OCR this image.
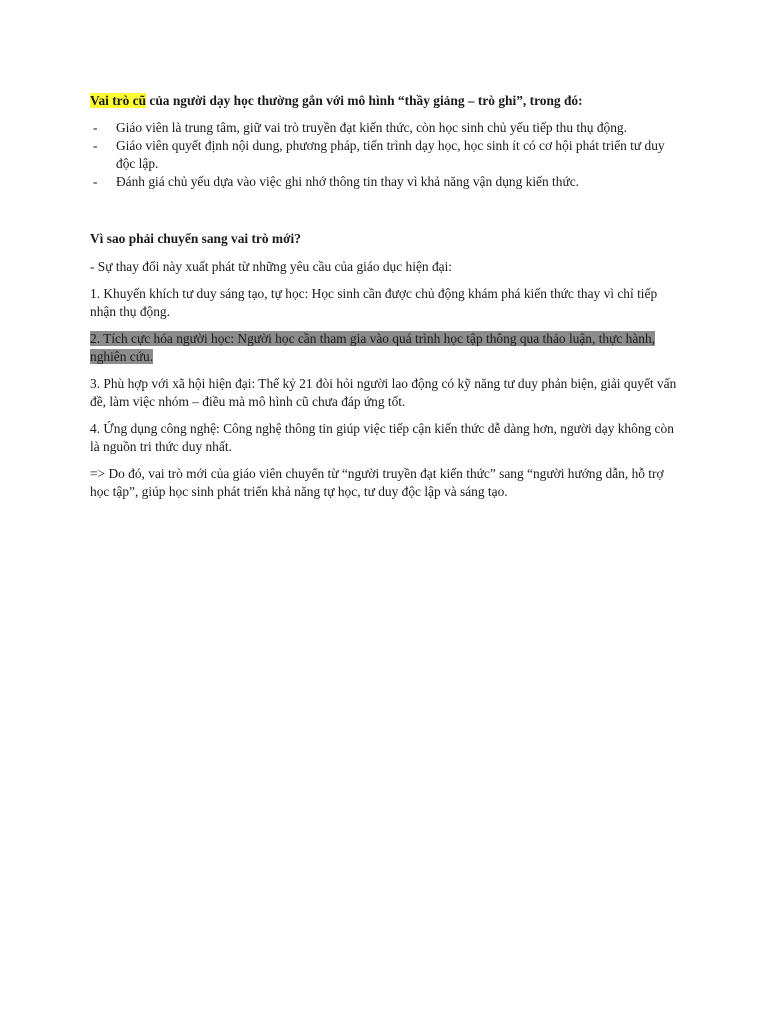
Vai trò cũ của người dạy học thường gắn với mô hình “thầy giảng – trò ghi”, trong đó:

- Giáo viên là trung tâm, giữ vai trò truyền đạt kiến thức, còn học sinh chủ yếu tiếp thu thụ động.
- Giáo viên quyết định nội dung, phương pháp, tiến trình dạy học, học sinh ít có cơ hội phát triển tư duy độc lập.
- Đánh giá chủ yếu dựa vào việc ghi nhớ thông tin thay vì khả năng vận dụng kiến thức.

Vì sao phải chuyển sang vai trò mới?

- Sự thay đổi này xuất phát từ những yêu cầu của giáo dục hiện đại:

1. Khuyến khích tư duy sáng tạo, tự học: Học sinh cần được chủ động khám phá kiến thức thay vì chỉ tiếp nhận thụ động.

2. Tích cực hóa người học: Người học cần tham gia vào quá trình học tập thông qua thảo luận, thực hành, nghiên cứu.

3. Phù hợp với xã hội hiện đại: Thế kỷ 21 đòi hỏi người lao động có kỹ năng tư duy phản biện, giải quyết vấn đề, làm việc nhóm – điều mà mô hình cũ chưa đáp ứng tốt.

4. Ứng dụng công nghệ: Công nghệ thông tin giúp việc tiếp cận kiến thức dễ dàng hơn, người dạy không còn là nguồn tri thức duy nhất.

=> Do đó, vai trò mới của giáo viên chuyển từ “người truyền đạt kiến thức” sang “người hướng dẫn, hỗ trợ học tập”, giúp học sinh phát triển khả năng tự học, tư duy độc lập và sáng tạo.
